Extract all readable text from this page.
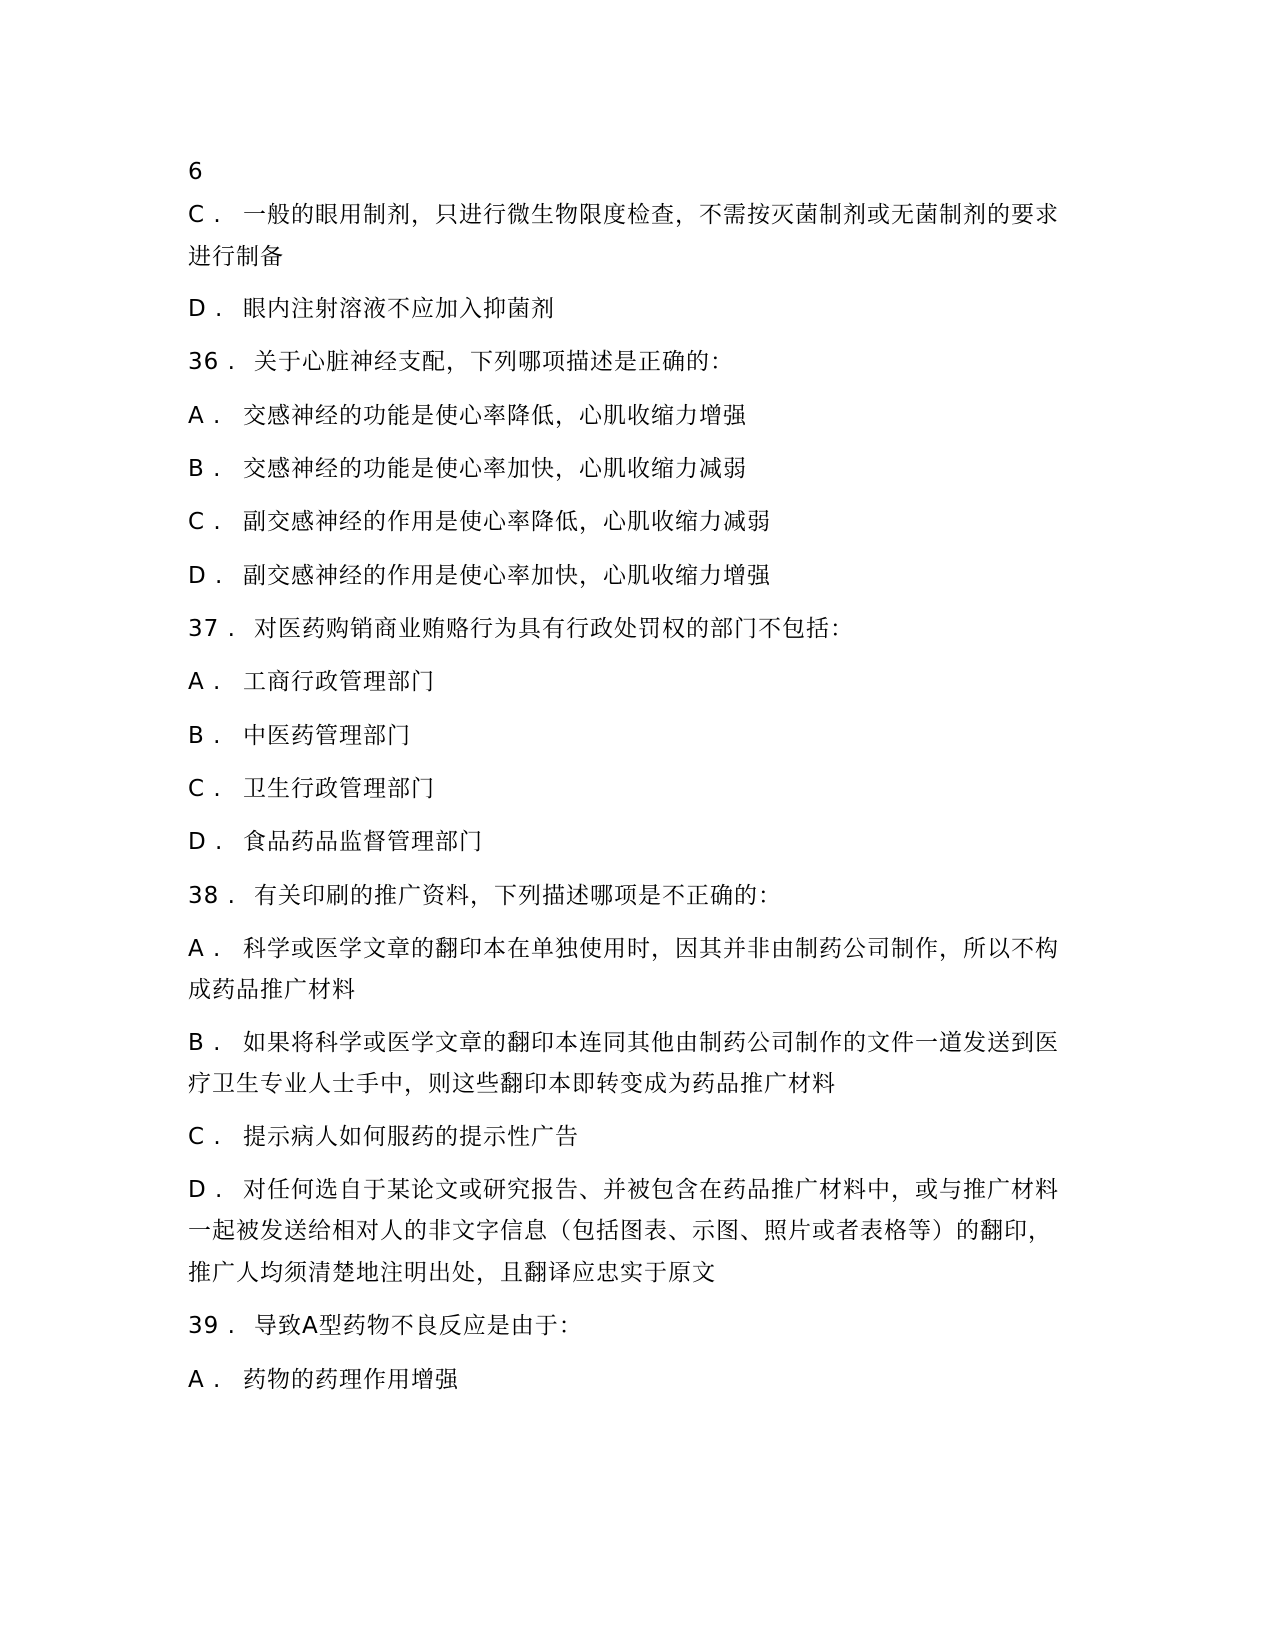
6
C . 一般的眼用制剂，只进行微生物限度检查，不需按灭菌制剂或无菌制剂的要求
进行制备
D . 眼内注射溶液不应加入抑菌剂
36 . 关于心脏神经支配，下列哪项描述是正确的：
A . 交感神经的功能是使心率降低，心肌收缩力增强
B . 交感神经的功能是使心率加快，心肌收缩力减弱
C . 副交感神经的作用是使心率降低，心肌收缩力减弱
D . 副交感神经的作用是使心率加快，心肌收缩力增强
37 . 对医药购销商业贿赂行为具有行政处罚权的部门不包括：
A . 工商行政管理部门
B . 中医药管理部门
C . 卫生行政管理部门
D . 食品药品监督管理部门
38 . 有关印刷的推广资料，下列描述哪项是不正确的：
A . 科学或医学文章的翻印本在单独使用时，因其并非由制药公司制作，所以不构
成药品推广材料
B . 如果将科学或医学文章的翻印本连同其他由制药公司制作的文件一道发送到医
疗卫生专业人士手中，则这些翻印本即转变成为药品推广材料
C . 提示病人如何服药的提示性广告
D . 对任何选自于某论文或研究报告、并被包含在药品推广材料中，或与推广材料
一起被发送给相对人的非文字信息（包括图表、示图、照片或者表格等）的翻印，
推广人均须清楚地注明出处，且翻译应忠实于原文
39 . 导致A型药物不良反应是由于：
A . 药物的药理作用增强
